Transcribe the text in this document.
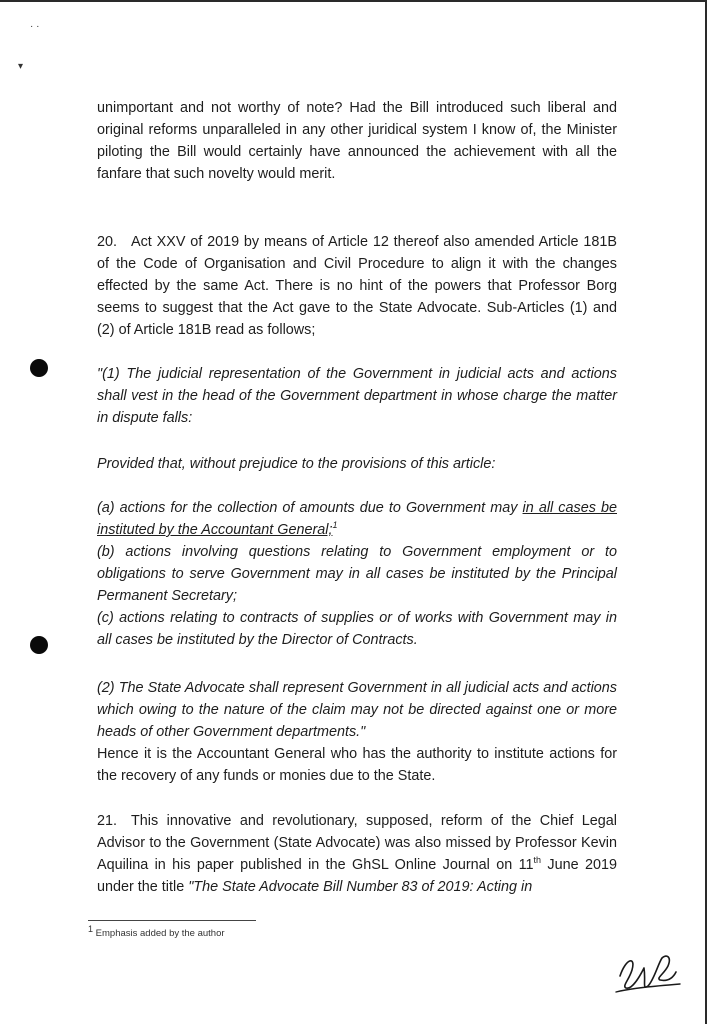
· ·
▾

unimportant and not worthy of note? Had the Bill introduced such liberal and original reforms unparalleled in any other juridical system I know of, the Minister piloting the Bill would certainly have announced the achievement with all the fanfare that such novelty would merit.

20. Act XXV of 2019 by means of Article 12 thereof also amended Article 181B of the Code of Organisation and Civil Procedure to align it with the changes effected by the same Act. There is no hint of the powers that Professor Borg seems to suggest that the Act gave to the State Advocate. Sub-Articles (1) and (2) of Article 181B read as follows;

"(1) The judicial representation of the Government in judicial acts and actions shall vest in the head of the Government department in whose charge the matter in dispute falls:

Provided that, without prejudice to the provisions of this article:

(a) actions for the collection of amounts due to Government may in all cases be instituted by the Accountant General;$^1$
(b) actions involving questions relating to Government employment or to obligations to serve Government may in all cases be instituted by the Principal Permanent Secretary;
(c) actions relating to contracts of supplies or of works with Government may in all cases be instituted by the Director of Contracts.

(2) The State Advocate shall represent Government in all judicial acts and actions which owing to the nature of the claim may not be directed against one or more heads of other Government departments."

Hence it is the Accountant General who has the authority to institute actions for the recovery of any funds or monies due to the State.

21. This innovative and revolutionary, supposed, reform of the Chief Legal Advisor to the Government (State Advocate) was also missed by Professor Kevin Aquilina in his paper published in the GhSL Online Journal on 11th June 2019 under the title "The State Advocate Bill Number 83 of 2019: Acting in

$^1$ Emphasis added by the author
